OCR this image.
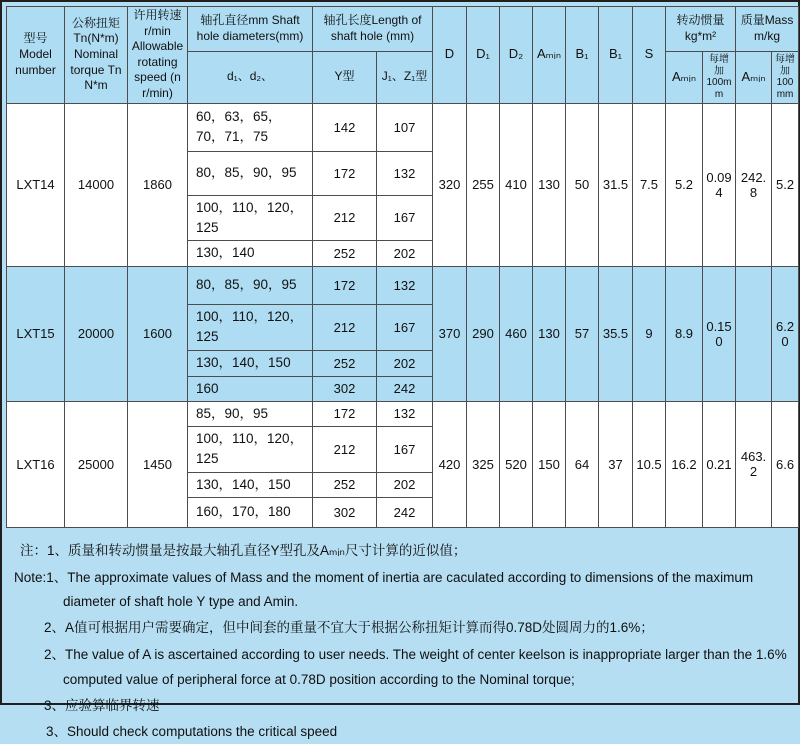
型号 Model number	公称扭矩 Tn(N*m) Nominal torque Tn N*m	许用转速 r/min Allowable rotating speed (n r/min)	轴孔直径mm Shaft hole diameters(mm)	轴孔长度Length of shaft hole (mm)		D	D₁	D₂	Aₘᵢₙ	B₁	B₁	S	转动惯量 kg*m²		质量Mass m/kg	
			d₁、d₂、	Y型	J₁、Z₁型								Aₘᵢₙ	每增加 100mm	Aₘᵢₙ	每增加 100mm
LXT14	14000	1860	60，63，65，70，71，75	142	107	320	255	410	130	50	31.5	7.5	5.2	0.094	242.8	5.2
			80，85，90，95	172	132											
			100，110，120，125	212	167											
			130，140	252	202											
LXT15	20000	1600	80，85，90，95	172	132	370	290	460	130	57	35.5	9	8.9	0.150		6.20
			100，110，120，125	212	167											
			130，140，150	252	202											
			160	302	242											
LXT16	25000	1450	85，90，95	172	132	420	325	520	150	64	37	10.5	16.2	0.21	463.2	6.6
			100，110，120，125	212	167											
			130，140，150	252	202											
			160，170，180	302	242											
注：1、质量和转动惯量是按最大轴孔直径Y型孔及Aₘᵢₙ尺寸计算的近似值；
Note:1、The approximate values of Mass and the moment of inertia are caculated according to dimensions of the maximum diameter of shaft hole Y type and Amin.
2、A值可根据用户需要确定，但中间套的重量不宜大于根据公称扭矩计算而得0.78D处圆周力的1.6%；
2、The value of A is ascertained according to user needs. The weight of center keelson is inappropriate larger than the 1.6% computed value of peripheral force at 0.78D position according to the Nominal torque;
3、应验算临界转速
3、Should check computations the critical speed
